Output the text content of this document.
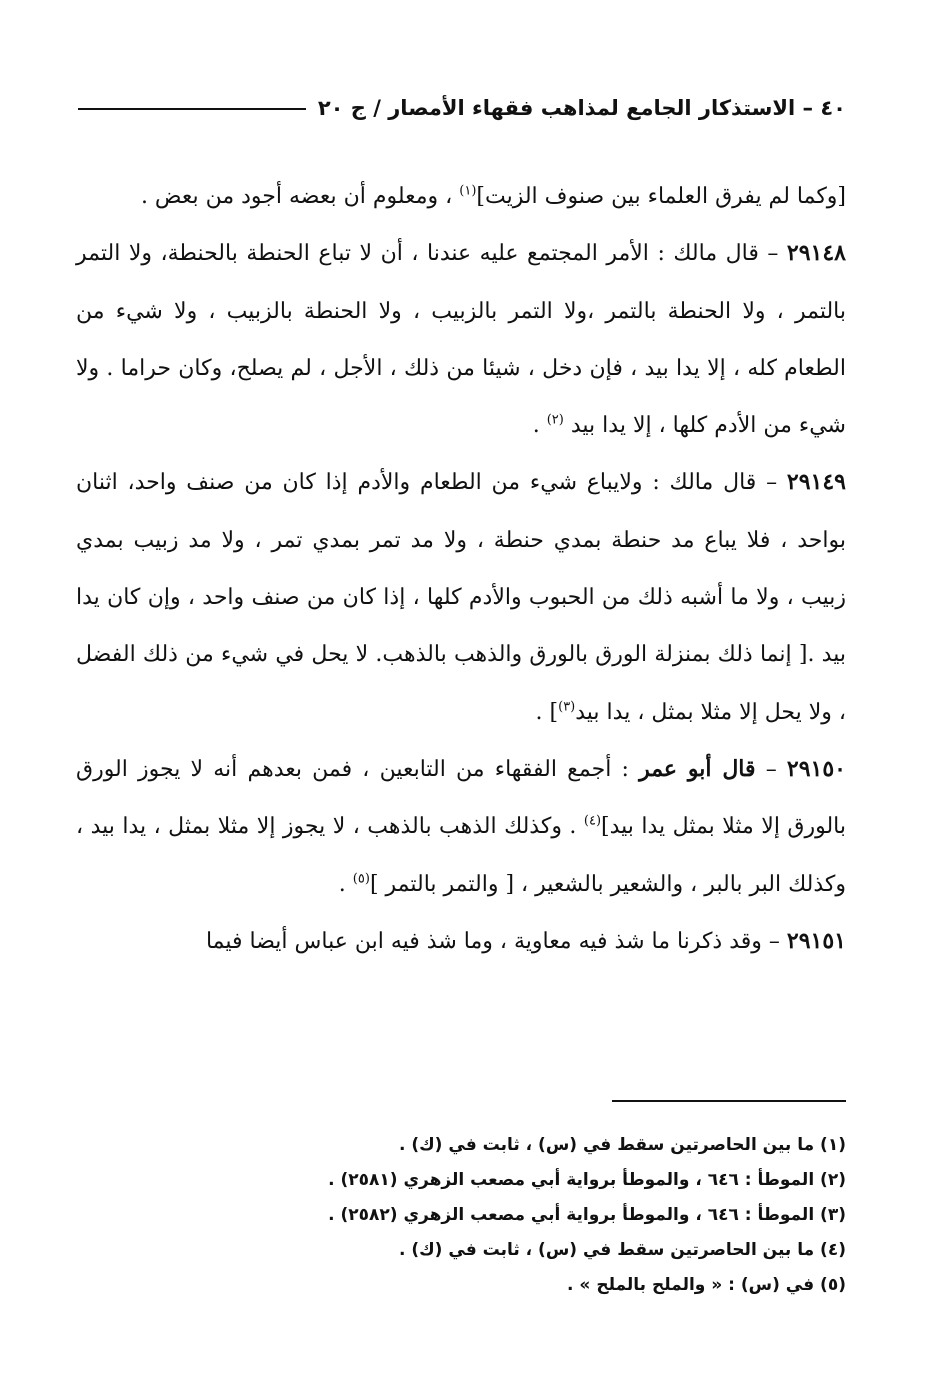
٤٠ – الاستذكار الجامع لمذاهب فقهاء الأمصار / ج ٢٠

[وكما لم يفرق العلماء بين صنوف الزيت]$^{(١)}$ ، ومعلوم أن بعضه أجود من بعض .

٢٩١٤٨ – قال مالك : الأمر المجتمع عليه عندنا ، أن لا تباع الحنطة بالحنطة، ولا التمر بالتمر ، ولا الحنطة بالتمر ،ولا التمر بالزبيب ، ولا الحنطة بالزبيب ، ولا شيء من الطعام كله ، إلا يدا بيد ، فإن دخل ، شيئا من ذلك ، الأجل ، لم يصلح، وكان حراما . ولا شيء من الأدم كلها ، إلا يدا بيد $^{(٢)}$ .

٢٩١٤٩ – قال مالك : ولايباع شيء من الطعام والأدم إذا كان من صنف واحد، اثنان بواحد ، فلا يباع مد حنطة بمدي حنطة ، ولا مد تمر بمدي تمر ، ولا مد زبيب بمدي زبيب ، ولا ما أشبه ذلك من الحبوب والأدم كلها ، إذا كان من صنف واحد ، وإن كان يدا بيد .[ إنما ذلك بمنزلة الورق بالورق والذهب بالذهب. لا يحل في شيء من ذلك الفضل ، ولا يحل إلا مثلا بمثل ، يدا بيد$^{(٣)}$] .

٢٩١٥٠ – قال أبو عمر : أجمع الفقهاء من التابعين ، فمن بعدهم أنه لا يجوز الورق بالورق إلا مثلا بمثل يدا بيد]$^{(٤)}$ . وكذلك الذهب بالذهب ، لا يجوز إلا مثلا بمثل ، يدا بيد ، وكذلك البر بالبر ، والشعير بالشعير ، [ والتمر بالتمر ]$^{(٥)}$ .

٢٩١٥١ – وقد ذكرنا ما شذ فيه معاوية ، وما شذ فيه ابن عباس أيضا فيما

(١) ما بين الحاصرتين سقط في (س) ، ثابت في (ك) .
(٢) الموطأ : ٦٤٦ ، والموطأ برواية أبي مصعب الزهري (٢٥٨١) .
(٣) الموطأ : ٦٤٦ ، والموطأ برواية أبي مصعب الزهري (٢٥٨٢) .
(٤) ما بين الحاصرتين سقط في (س) ، ثابت في (ك) .
(٥) في (س) : « والملح بالملح » .
